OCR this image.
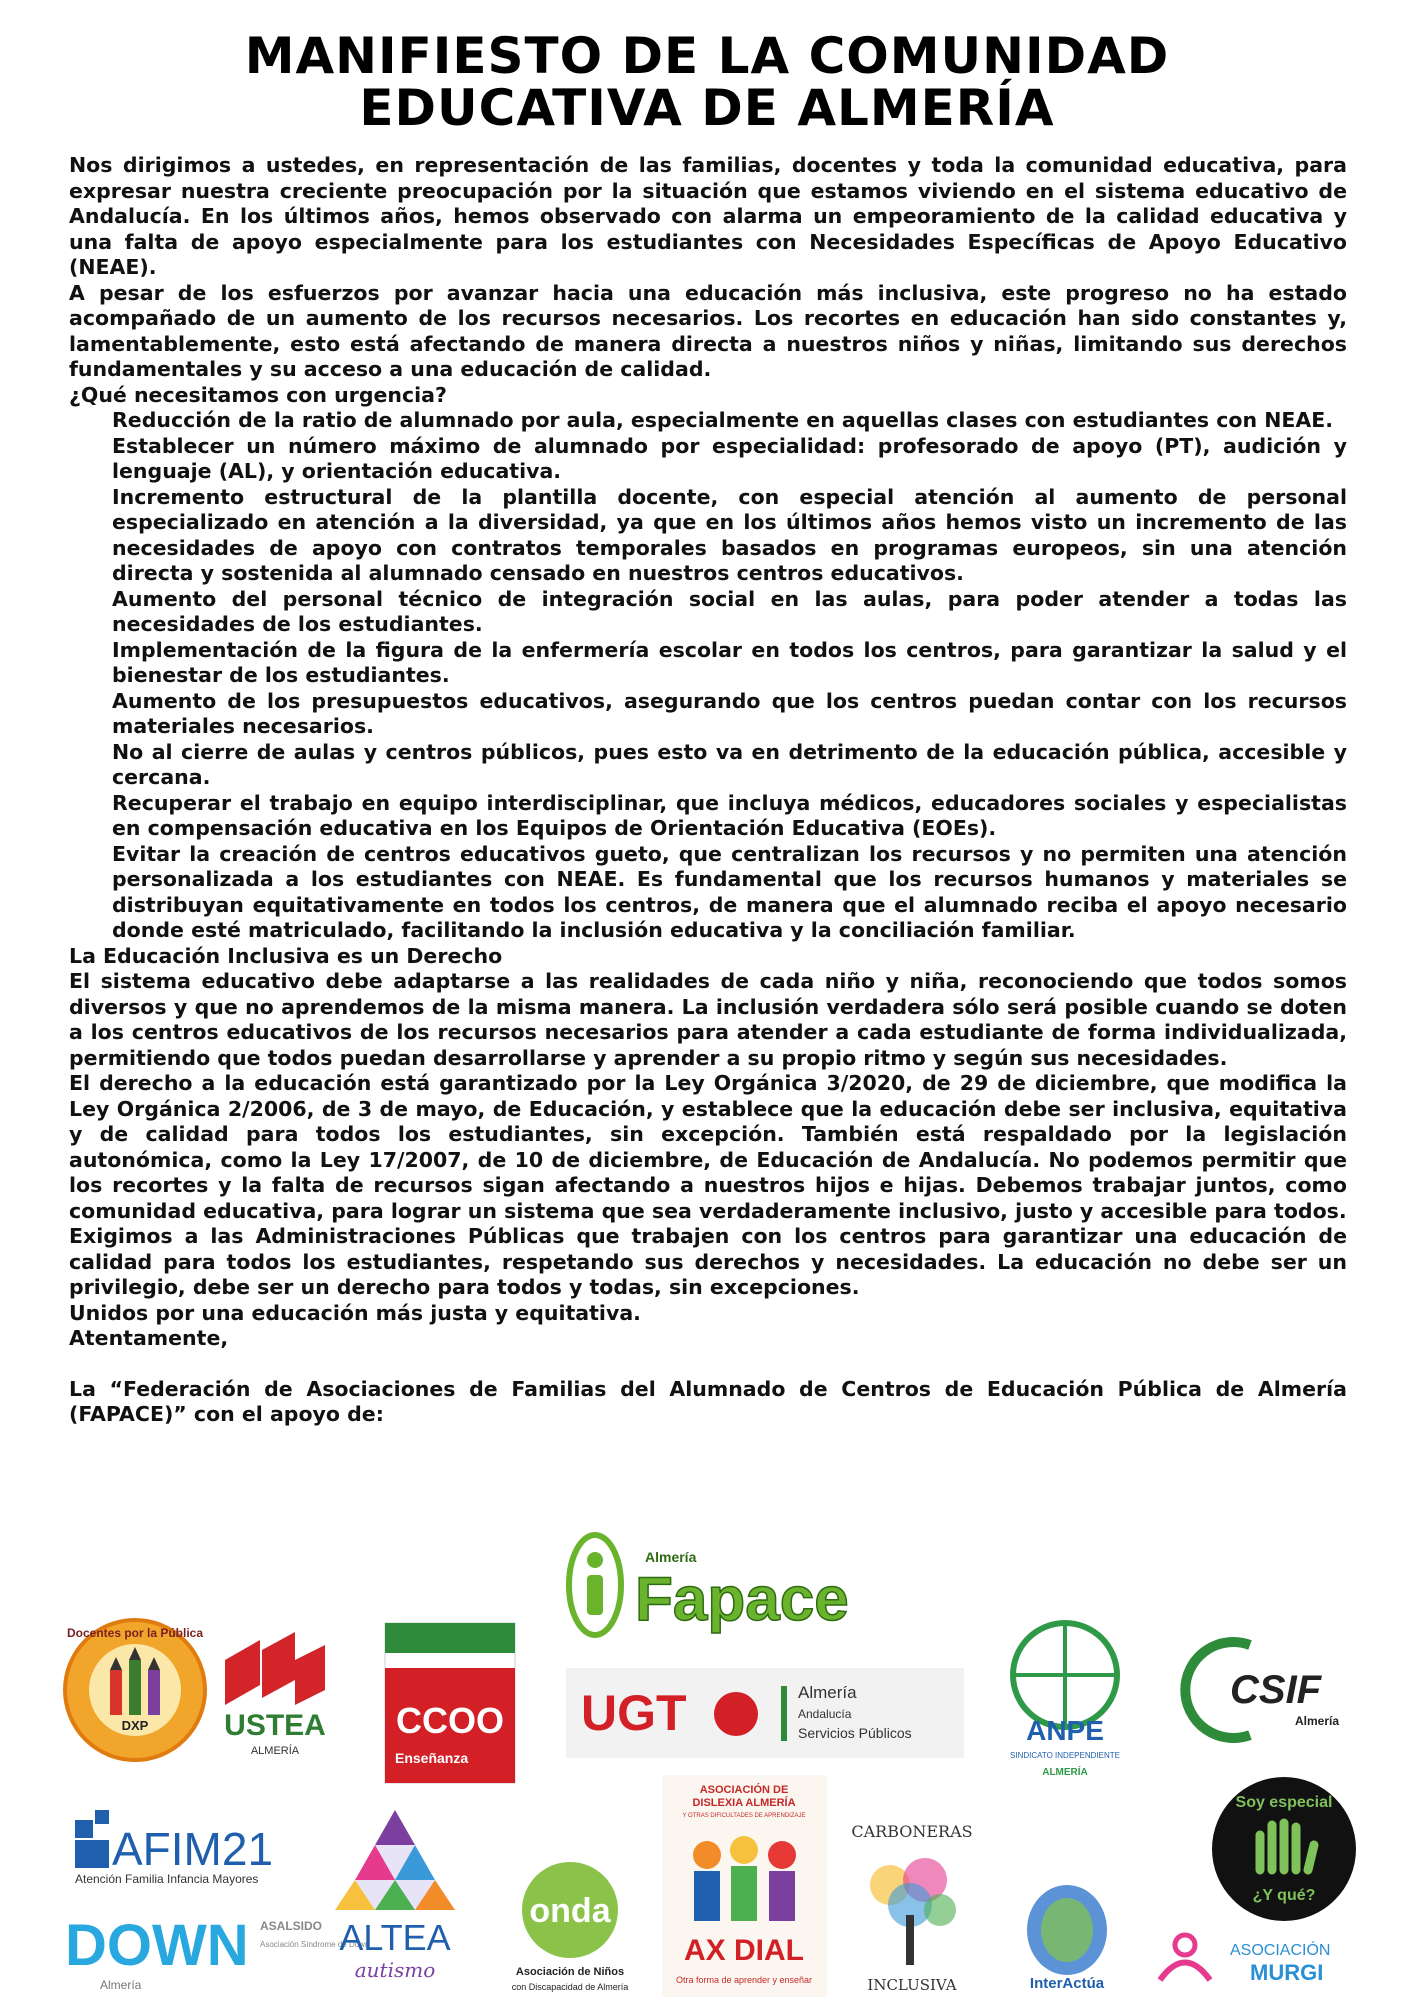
MANIFIESTO DE LA COMUNIDAD
EDUCATIVA DE ALMERÍA

Nos dirigimos a ustedes, en representación de las familias, docentes y toda la comunidad educativa, para expresar nuestra creciente preocupación por la situación que estamos viviendo en el sistema educativo de Andalucía. En los últimos años, hemos observado con alarma un empeoramiento de la calidad educativa y una falta de apoyo especialmente para los estudiantes con Necesidades Específicas de Apoyo Educativo (NEAE).

A pesar de los esfuerzos por avanzar hacia una educación más inclusiva, este progreso no ha estado acompañado de un aumento de los recursos necesarios. Los recortes en educación han sido constantes y, lamentablemente, esto está afectando de manera directa a nuestros niños y niñas, limitando sus derechos fundamentales y su acceso a una educación de calidad.

¿Qué necesitamos con urgencia?

Reducción de la ratio de alumnado por aula, especialmente en aquellas clases con estudiantes con NEAE.
Establecer un número máximo de alumnado por especialidad: profesorado de apoyo (PT), audición y lenguaje (AL), y orientación educativa.
Incremento estructural de la plantilla docente, con especial atención al aumento de personal especializado en atención a la diversidad, ya que en los últimos años hemos visto un incremento de las necesidades de apoyo con contratos temporales basados en programas europeos, sin una atención directa y sostenida al alumnado censado en nuestros centros educativos.
Aumento del personal técnico de integración social en las aulas, para poder atender a todas las necesidades de los estudiantes.
Implementación de la figura de la enfermería escolar en todos los centros, para garantizar la salud y el bienestar de los estudiantes.
Aumento de los presupuestos educativos, asegurando que los centros puedan contar con los recursos materiales necesarios.
No al cierre de aulas y centros públicos, pues esto va en detrimento de la educación pública, accesible y cercana.
Recuperar el trabajo en equipo interdisciplinar, que incluya médicos, educadores sociales y especialistas en compensación educativa en los Equipos de Orientación Educativa (EOEs).
Evitar la creación de centros educativos gueto, que centralizan los recursos y no permiten una atención personalizada a los estudiantes con NEAE. Es fundamental que los recursos humanos y materiales se distribuyan equitativamente en todos los centros, de manera que el alumnado reciba el apoyo necesario donde esté matriculado, facilitando la inclusión educativa y la conciliación familiar.

La Educación Inclusiva es un Derecho

El sistema educativo debe adaptarse a las realidades de cada niño y niña, reconociendo que todos somos diversos y que no aprendemos de la misma manera. La inclusión verdadera sólo será posible cuando se doten a los centros educativos de los recursos necesarios para atender a cada estudiante de forma individualizada, permitiendo que todos puedan desarrollarse y aprender a su propio ritmo y según sus necesidades.

El derecho a la educación está garantizado por la Ley Orgánica 3/2020, de 29 de diciembre, que modifica la Ley Orgánica 2/2006, de 3 de mayo, de Educación, y establece que la educación debe ser inclusiva, equitativa y de calidad para todos los estudiantes, sin excepción. También está respaldado por la legislación autonómica, como la Ley 17/2007, de 10 de diciembre, de Educación de Andalucía. No podemos permitir que los recortes y la falta de recursos sigan afectando a nuestros hijos e hijas. Debemos trabajar juntos, como comunidad educativa, para lograr un sistema que sea verdaderamente inclusivo, justo y accesible para todos.

Exigimos a las Administraciones Públicas que trabajen con los centros para garantizar una educación de calidad para todos los estudiantes, respetando sus derechos y necesidades. La educación no debe ser un privilegio, debe ser un derecho para todos y todas, sin excepciones.

Unidos por una educación más justa y equitativa.

Atentamente,

La “Federación de Asociaciones de Familias del Alumnado de Centros de Educación Pública de Almería (FAPACE)” con el apoyo de:

DXP
Docentes por la Pública
USTEA
ALMERÍA
CCOO
Enseñanza
Fapace
Almería
UGT	Almería
Andalucía
Servicios Públicos	ANPE
SINDICATO INDEPENDIENTE
ALMERÍA
CSIF
Almería
AFIM21
Atención Familia Infancia Mayores
DOWN
Almería
ASALSIDO
Asociación Síndrome de Down
ALTEA
autismo
onda
Asociación de Niños
con Discapacidad de Almería
ASOCIACIÓN DE
DISLEXIA ALMERÍA
Y OTRAS DIFICULTADES DE APRENDIZAJE
AX DIAL
Otra forma de aprender y enseñar
CARBONERAS
INCLUSIVA	InterActúa
Soy especial
¿Y qué?
ASOCIACIÓN
MURGI
